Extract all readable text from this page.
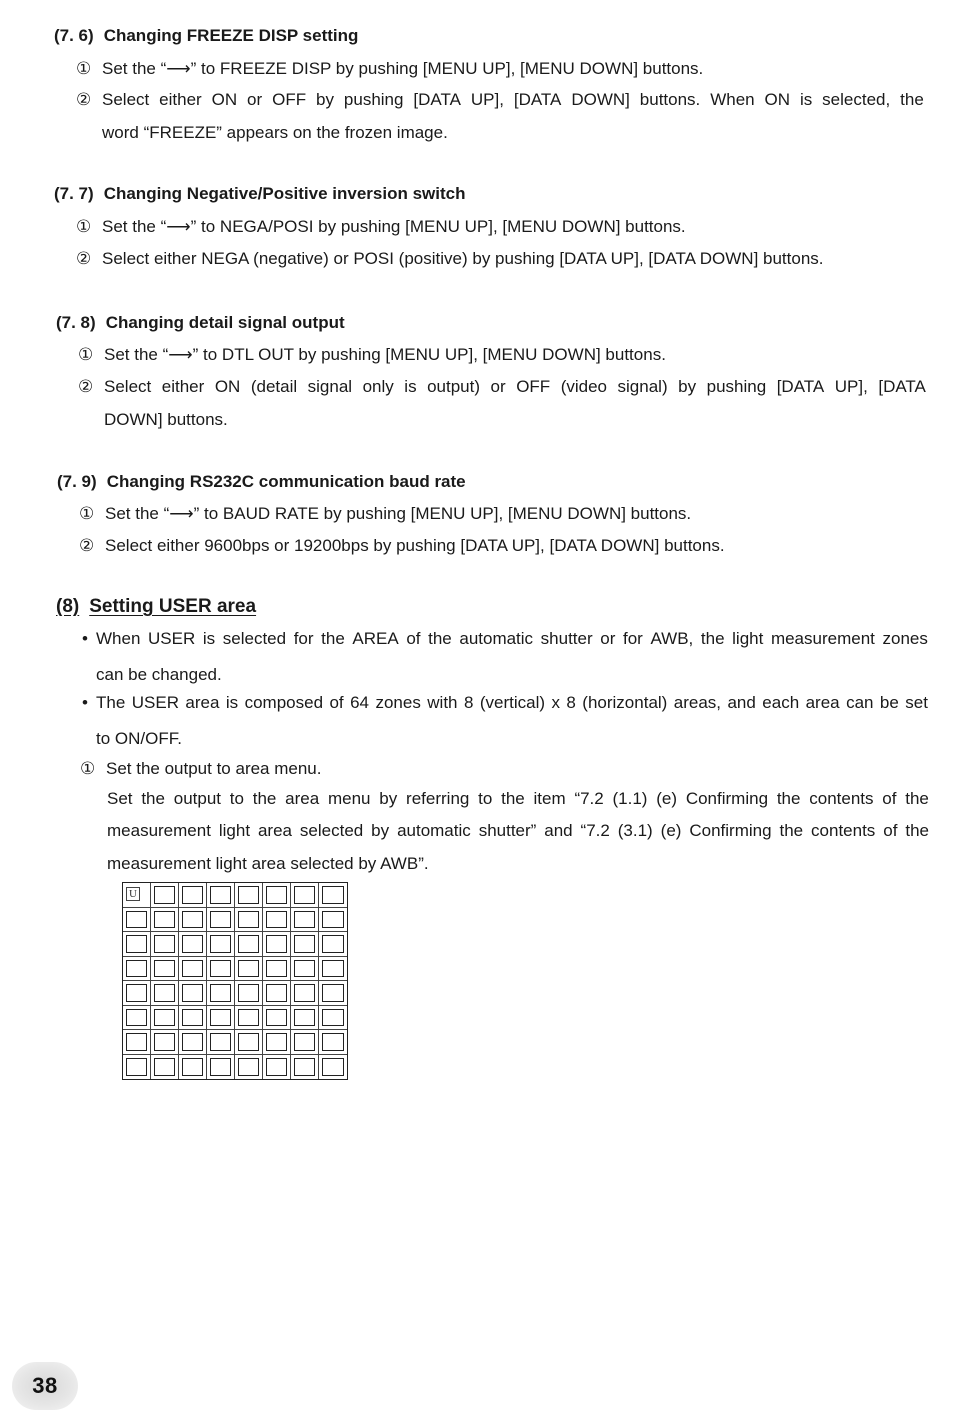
(7. 6) Changing FREEZE DISP setting
① Set the “⟶” to FREEZE DISP by pushing [MENU UP], [MENU DOWN] buttons.
② Select either ON or OFF by pushing [DATA UP], [DATA DOWN] buttons. When ON is selected, the
word “FREEZE” appears on the frozen image.
(7. 7) Changing Negative/Positive inversion switch
① Set the “⟶” to NEGA/POSI by pushing [MENU UP], [MENU DOWN] buttons.
② Select either NEGA (negative) or POSI (positive) by pushing [DATA UP], [DATA DOWN] buttons.
(7. 8) Changing detail signal output
① Set the “⟶” to DTL OUT by pushing [MENU UP], [MENU DOWN] buttons.
② Select either ON (detail signal only is output) or OFF (video signal) by pushing [DATA UP], [DATA
DOWN] buttons.
(7. 9) Changing RS232C communication baud rate
① Set the “⟶” to BAUD RATE by pushing [MENU UP], [MENU DOWN] buttons.
② Select either 9600bps or 19200bps by pushing [DATA UP], [DATA DOWN] buttons.
(8) Setting USER area
• When USER is selected for the AREA of the automatic shutter or for AWB, the light measurement zones
can be changed.
• The USER area is composed of 64 zones with 8 (vertical) x 8 (horizontal) areas, and each area can be set
to ON/OFF.
① Set the output to area menu.
Set the output to the area menu by referring to the item “7.2 (1.1) (e) Confirming the contents of the
measurement light area selected by automatic shutter” and “7.2 (3.1) (e) Confirming the contents of the
measurement light area selected by AWB”.
U
38
